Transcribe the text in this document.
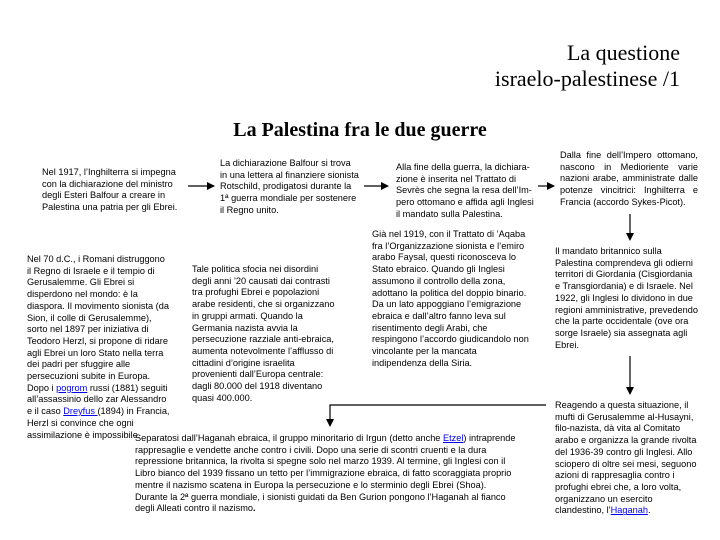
La questione
israelo-palestinese /1
La Palestina fra le due guerre
Nel 1917, l’Inghilterra si impegna con la dichiarazione del ministro degli Esteri Balfour a creare in Palestina una patria per gli Ebrei.
La dichiarazione Balfour si trova in una lettera al finanziere sionista Rotschild, prodigatosi durante la 1ª guerra mondiale per sostenere il Regno unito.
Alla fine della guerra, la dichiara-zione è inserita nel Trattato di Sevrès che segna la resa dell’Im-pero ottomano e affida agli Inglesi il mandato sulla Palestina.
Dalla fine dell’Impero ottomano, nascono in Medioriente varie nazioni arabe, amministrate dalle potenze vincitrici: Inghilterra e Francia (accordo Sykes-Picot).
Nel 70 d.C., i Romani distruggono il Regno di Israele e il tempio di Gerusalemme. Gli Ebrei si disperdono nel mondo: è la diaspora. Il movimento sionista (da Sion, il colle di Gerusalemme), sorto nel 1897 per iniziativa di Teodoro Herzl, si propone di ridare agli Ebrei un loro Stato nella terra dei padri per sfuggire alle persecuzioni subite in Europa. Dopo i pogrom russi (1881) seguiti all’assassinio dello zar Alessandro e il caso Dreyfus (1894) in Francia, Herzl si convince che ogni assimilazione è impossibile.
Tale politica sfocia nei disordini degli anni ’20 causati dai contrasti tra profughi Ebrei e popolazioni arabe residenti, che si organizzano in gruppi armati. Quando la Germania nazista avvia la persecuzione razziale anti-ebraica, aumenta notevolmente l’afflusso di cittadini d’origine israelita provenienti dall’Europa centrale: dagli 80.000 del 1918 diventano quasi 400.000.
Già nel 1919, con il Trattato di ’Aqaba fra l’Organizzazione sionista e l’emiro arabo Faysal, questi riconosceva lo Stato ebraico. Quando gli Inglesi assumono il controllo della zona, adottano la politica del doppio binario. Da un lato appoggiano l’emigrazione ebraica e dall’altro fanno leva sul risentimento degli Arabi, che respingono l’accordo giudicandolo non vincolante per la mancata indipendenza della Siria.
Il mandato britannico sulla Palestina comprendeva gli odierni territori di Giordania (Cisgiordania e Transgiordania) e di Israele. Nel 1922, gli Inglesi lo dividono in due regioni amministrative, prevedendo che la parte occidentale (ove ora sorge Israele) sia assegnata agli Ebrei.
Reagendo a questa situazione, il mufti di Gerusalemme al-Husayni, filo-nazista, dà vita al Comitato arabo e organizza la grande rivolta del 1936-39 contro gli Inglesi. Allo sciopero di oltre sei mesi, seguono azioni di rappresaglia contro i profughi ebrei che, a loro volta, organizzano un esercito clandestino, l’Haganah.
Separatosi dall’Haganah ebraica, il gruppo minoritario di Irgun (detto anche Etzel) intraprende rappresaglie e vendette anche contro i civili. Dopo una serie di scontri cruenti e la dura repressione britannica, la rivolta si spegne solo nel marzo 1939. Al termine, gli Inglesi con il Libro bianco del 1939 fissano un tetto per l’immigrazione ebraica, di fatto scoraggiata proprio mentre il nazismo scatena in Europa la persecuzione e lo sterminio degli Ebrei (Shoa). Durante la 2ª guerra mondiale, i sionisti guidati da Ben Gurion pongono l’Haganah al fianco degli Alleati contro il nazismo.
